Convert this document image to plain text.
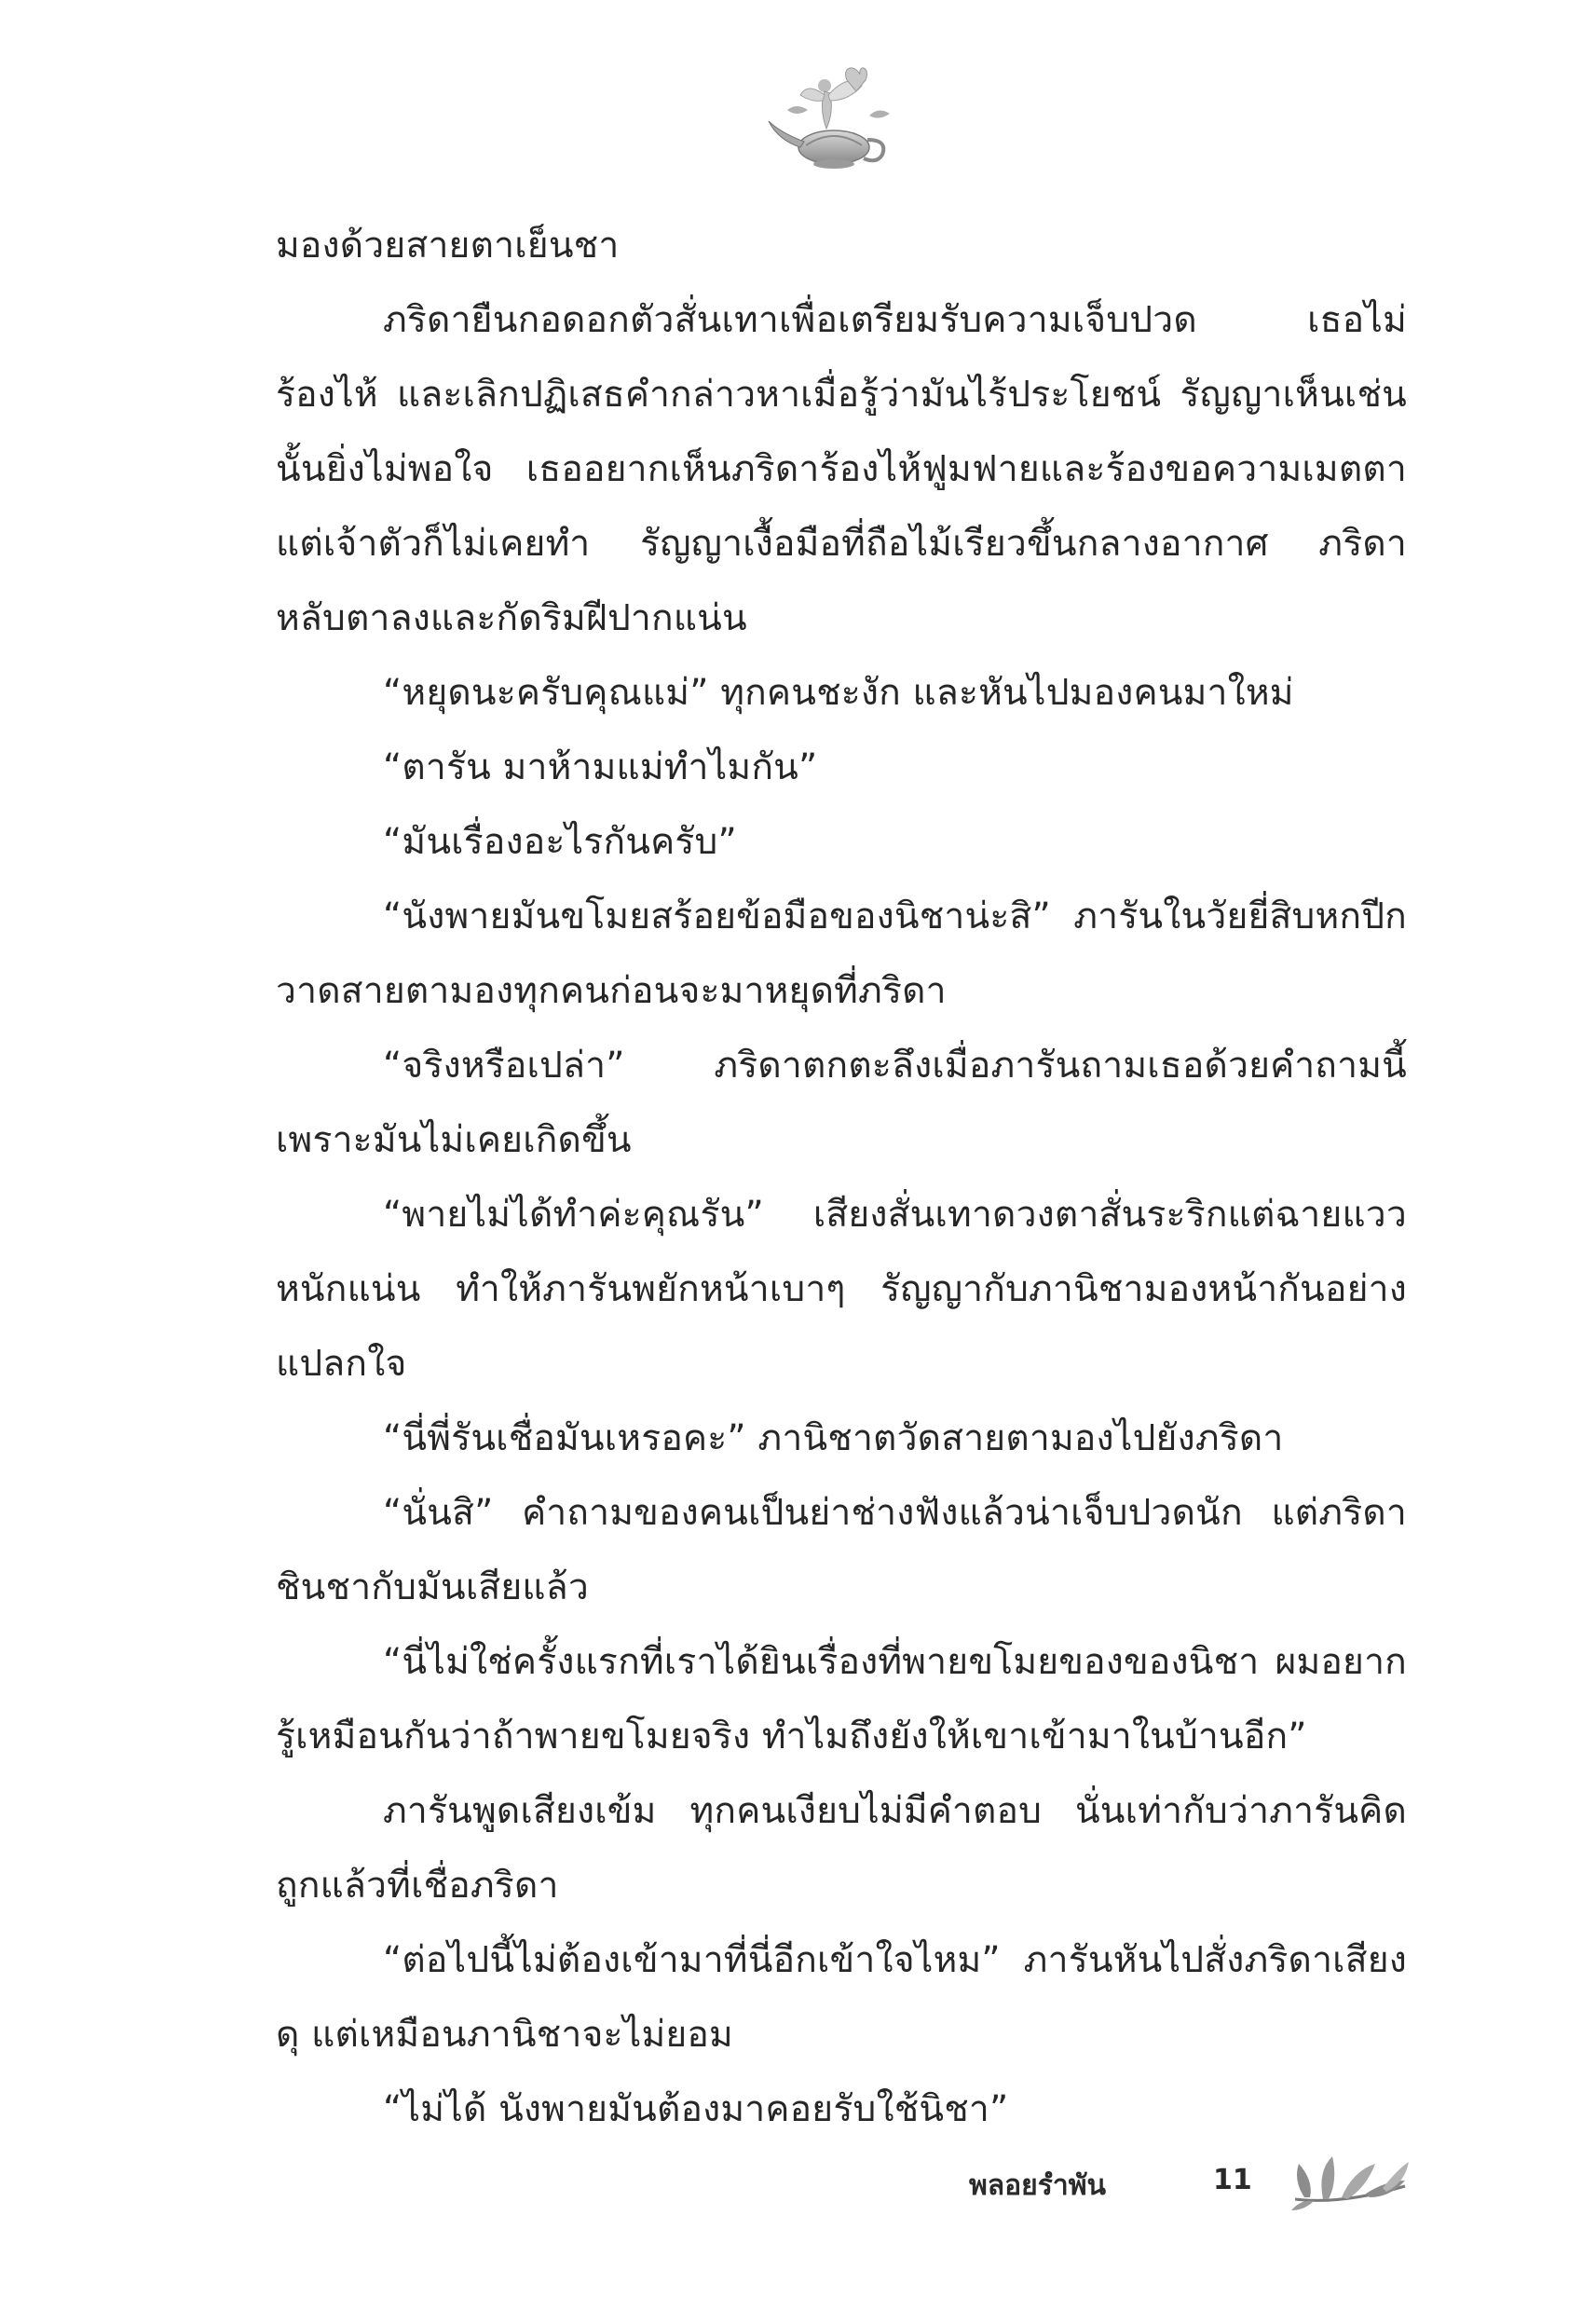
มองด้วยสายตาเย็นชา

ภริดายืนกอดอกตัวสั่นเทาเพื่อเตรียมรับความเจ็บปวด เธอไม่ร้องไห้ และเลิกปฏิเสธคำกล่าวหาเมื่อรู้ว่ามันไร้ประโยชน์ รัญญาเห็นเช่นนั้นยิ่งไม่พอใจ เธออยากเห็นภริดาร้องไห้ฟูมฟายและร้องขอความเมตตา แต่เจ้าตัวก็ไม่เคยทำ รัญญาเงื้อมือที่ถือไม้เรียวขึ้นกลางอากาศ ภริดาหลับตาลงและกัดริมฝีปากแน่น

“หยุดนะครับคุณแม่” ทุกคนชะงัก และหันไปมองคนมาใหม่

“ตารัน มาห้ามแม่ทำไมกัน”

“มันเรื่องอะไรกันครับ”

“นังพายมันขโมยสร้อยข้อมือของนิชาน่ะสิ” ภารันในวัยยี่สิบหกปีกวาดสายตามองทุกคนก่อนจะมาหยุดที่ภริดา

“จริงหรือเปล่า” ภริดาตกตะลึงเมื่อภารันถามเธอด้วยคำถามนี้ เพราะมันไม่เคยเกิดขึ้น

“พายไม่ได้ทำค่ะคุณรัน” เสียงสั่นเทาดวงตาสั่นระริกแต่ฉายแววหนักแน่น ทำให้ภารันพยักหน้าเบาๆ รัญญากับภานิชามองหน้ากันอย่างแปลกใจ

“นี่พี่รันเชื่อมันเหรอคะ” ภานิชาตวัดสายตามองไปยังภริดา

“นั่นสิ” คำถามของคนเป็นย่าช่างฟังแล้วน่าเจ็บปวดนัก แต่ภริดาชินชากับมันเสียแล้ว

“นี่ไม่ใช่ครั้งแรกที่เราได้ยินเรื่องที่พายขโมยของของนิชา ผมอยากรู้เหมือนกันว่าถ้าพายขโมยจริง ทำไมถึงยังให้เขาเข้ามาในบ้านอีก”

ภารันพูดเสียงเข้ม ทุกคนเงียบไม่มีคำตอบ นั่นเท่ากับว่าภารันคิดถูกแล้วที่เชื่อภริดา

“ต่อไปนี้ไม่ต้องเข้ามาที่นี่อีกเข้าใจไหม” ภารันหันไปสั่งภริดาเสียงดุ แต่เหมือนภานิชาจะไม่ยอม

“ไม่ได้ นังพายมันต้องมาคอยรับใช้นิชา”

พลอยรำพัน	11
